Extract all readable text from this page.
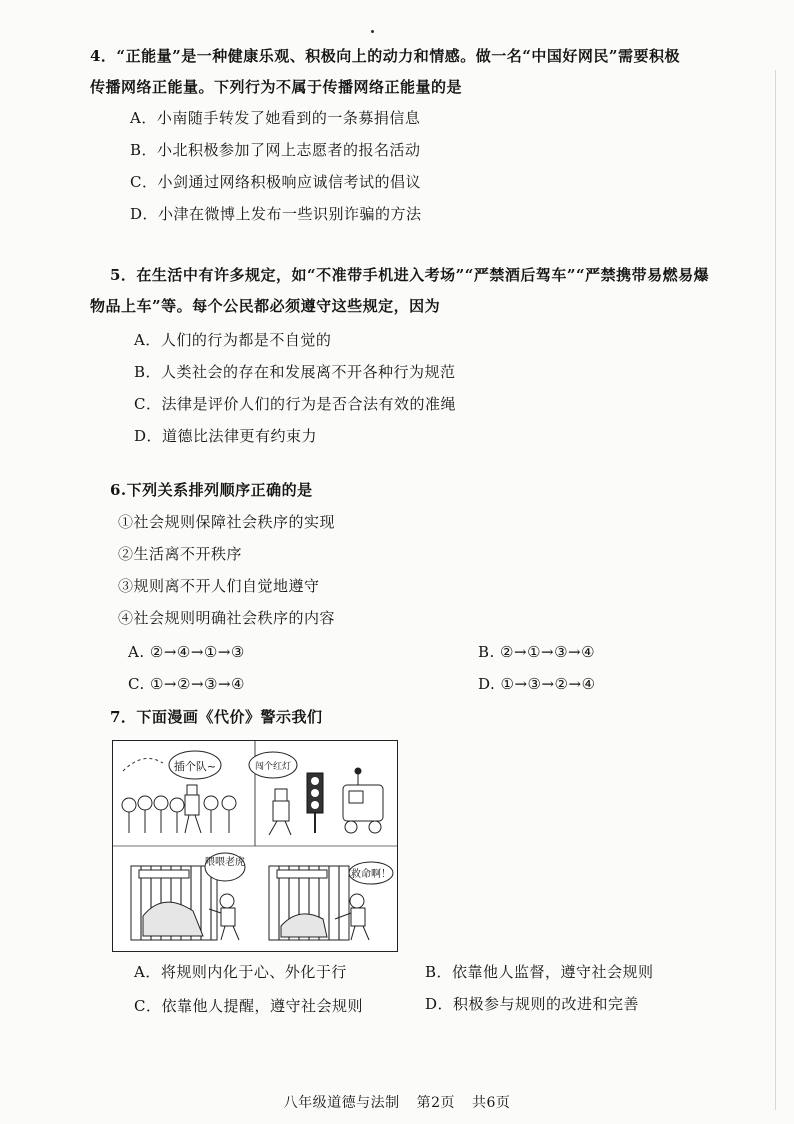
4．“正能量”是一种健康乐观、积极向上的动力和情感。做一名“中国好网民”需要积极
传播网络正能量。下列行为不属于传播网络正能量的是
A．小南随手转发了她看到的一条募捐信息
B．小北积极参加了网上志愿者的报名活动
C．小剑通过网络积极响应诚信考试的倡议
D．小津在微博上发布一些识别诈骗的方法
5．在生活中有许多规定，如“不准带手机进入考场”“严禁酒后驾车”“严禁携带易燃易爆
物品上车”等。每个公民都必须遵守这些规定，因为
A．人们的行为都是不自觉的
B．人类社会的存在和发展离不开各种行为规范
C．法律是评价人们的行为是否合法有效的准绳
D．道德比法律更有约束力
6.下列关系排列顺序正确的是
①社会规则保障社会秩序的实现
②生活离不开秩序
③规则离不开人们自觉地遵守
④社会规则明确社会秩序的内容
A. ②→④→①→③	B. ②→①→③→④
C. ①→②→③→④	D. ①→③→②→④
7．下面漫画《代价》警示我们
插个队~	闯个红灯
喂喂老虎
救命啊！
A．将规则内化于心、外化于行	B．依靠他人监督，遵守社会规则
C．依靠他人提醒，遵守社会规则	D．积极参与规则的改进和完善
八年级道德与法制 第2页 共6页
